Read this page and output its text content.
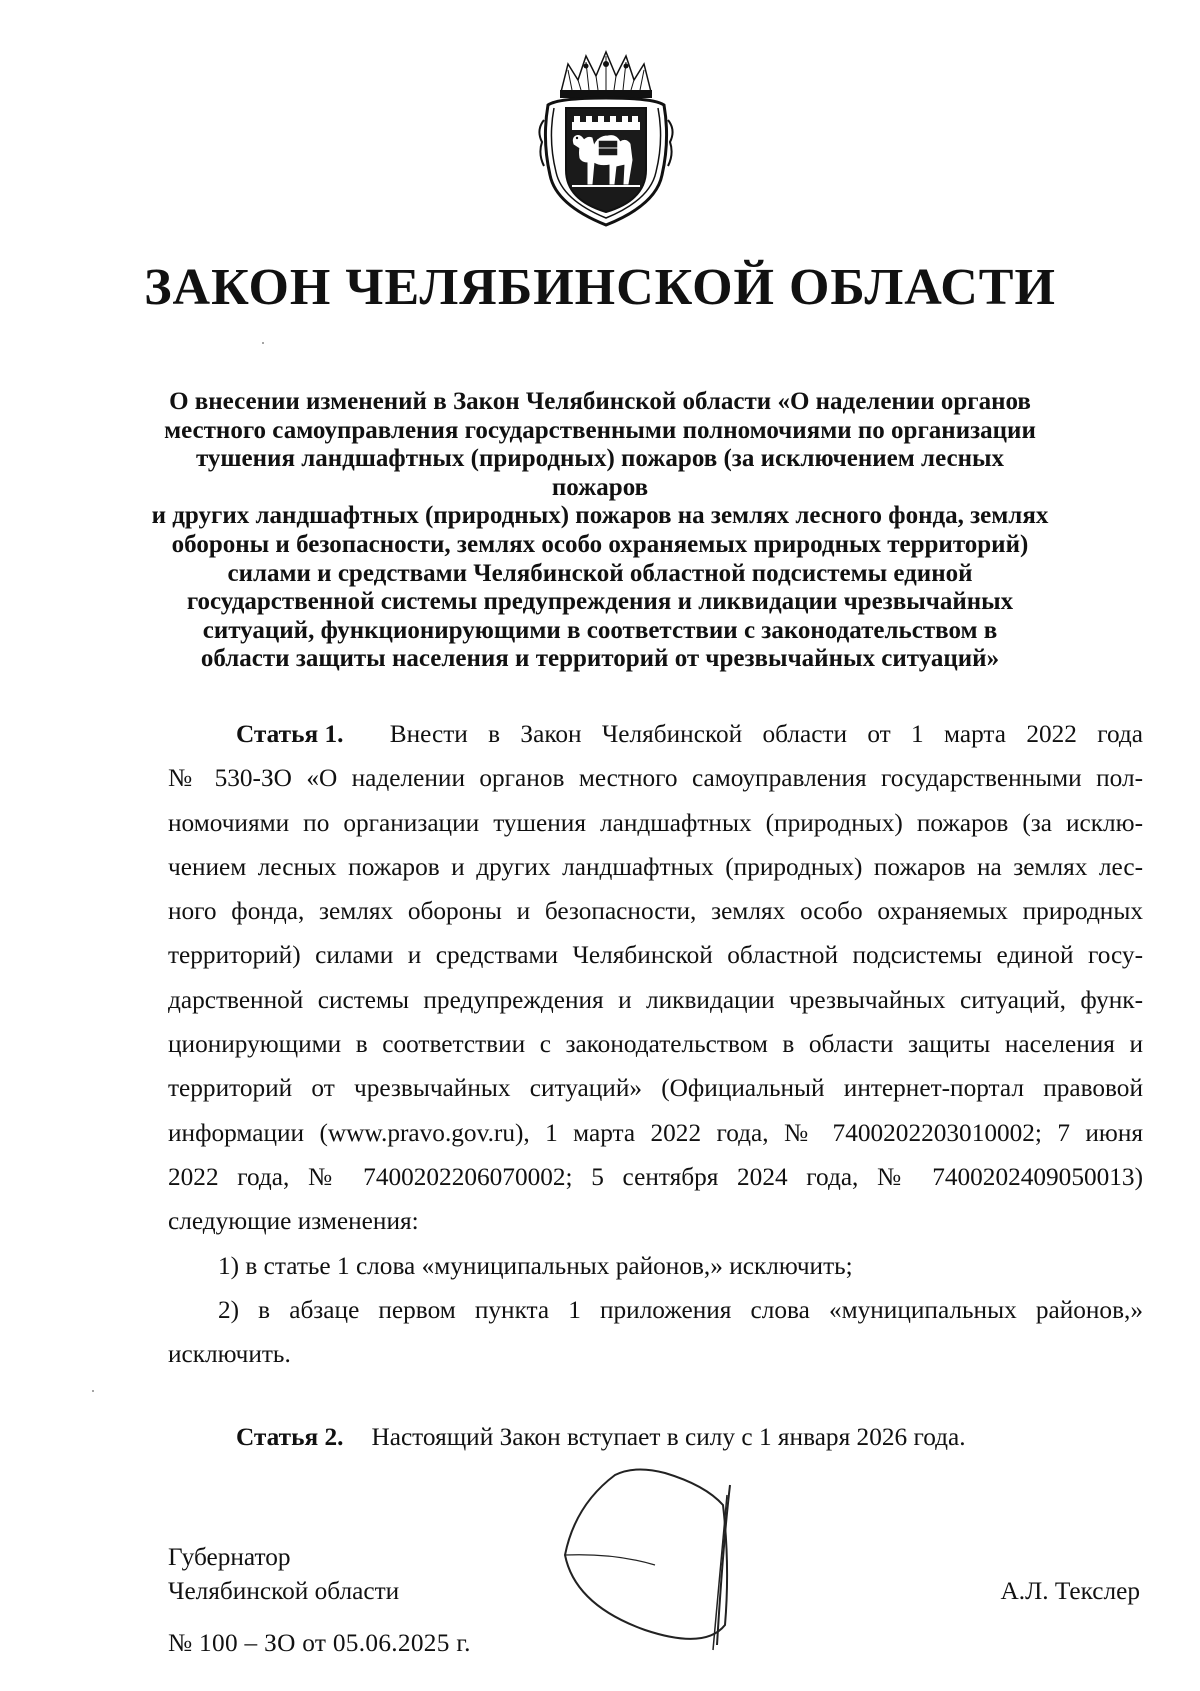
ЗАКОН ЧЕЛЯБИНСКОЙ ОБЛАСТИ
О внесении изменений в Закон Челябинской области «О наделении органов
местного самоуправления государственными полномочиями по организации
тушения ландшафтных (природных) пожаров (за исключением лесных пожаров
и других ландшафтных (природных) пожаров на землях лесного фонда, землях
обороны и безопасности, землях особо охраняемых природных территорий)
силами и средствами Челябинской областной подсистемы единой
государственной системы предупреждения и ликвидации чрезвычайных
ситуаций, функционирующими в соответствии с законодательством в
области защиты населения и территорий от чрезвычайных ситуаций»
Статья 1. Внести в Закон Челябинской области от 1 марта 2022 года
№ 530-ЗО «О наделении органов местного самоуправления государственными пол-
номочиями по организации тушения ландшафтных (природных) пожаров (за исклю-
чением лесных пожаров и других ландшафтных (природных) пожаров на землях лес-
ного фонда, землях обороны и безопасности, землях особо охраняемых природных
территорий) силами и средствами Челябинской областной подсистемы единой госу-
дарственной системы предупреждения и ликвидации чрезвычайных ситуаций, функ-
ционирующими в соответствии с законодательством в области защиты населения и
территорий от чрезвычайных ситуаций» (Официальный интернет-портал правовой
информации (www.pravo.gov.ru), 1 марта 2022 года, № 7400202203010002; 7 июня
2022 года, № 7400202206070002; 5 сентября 2024 года, № 7400202409050013)
следующие изменения:
1) в статье 1 слова «муниципальных районов,» исключить;
2) в абзаце первом пункта 1 приложения слова «муниципальных районов,»
исключить.
Статья 2. Настоящий Закон вступает в силу с 1 января 2026 года.
Губернатор
Челябинской области	А.Л. Текслер
№ 100 – ЗО от 05.06.2025 г.
